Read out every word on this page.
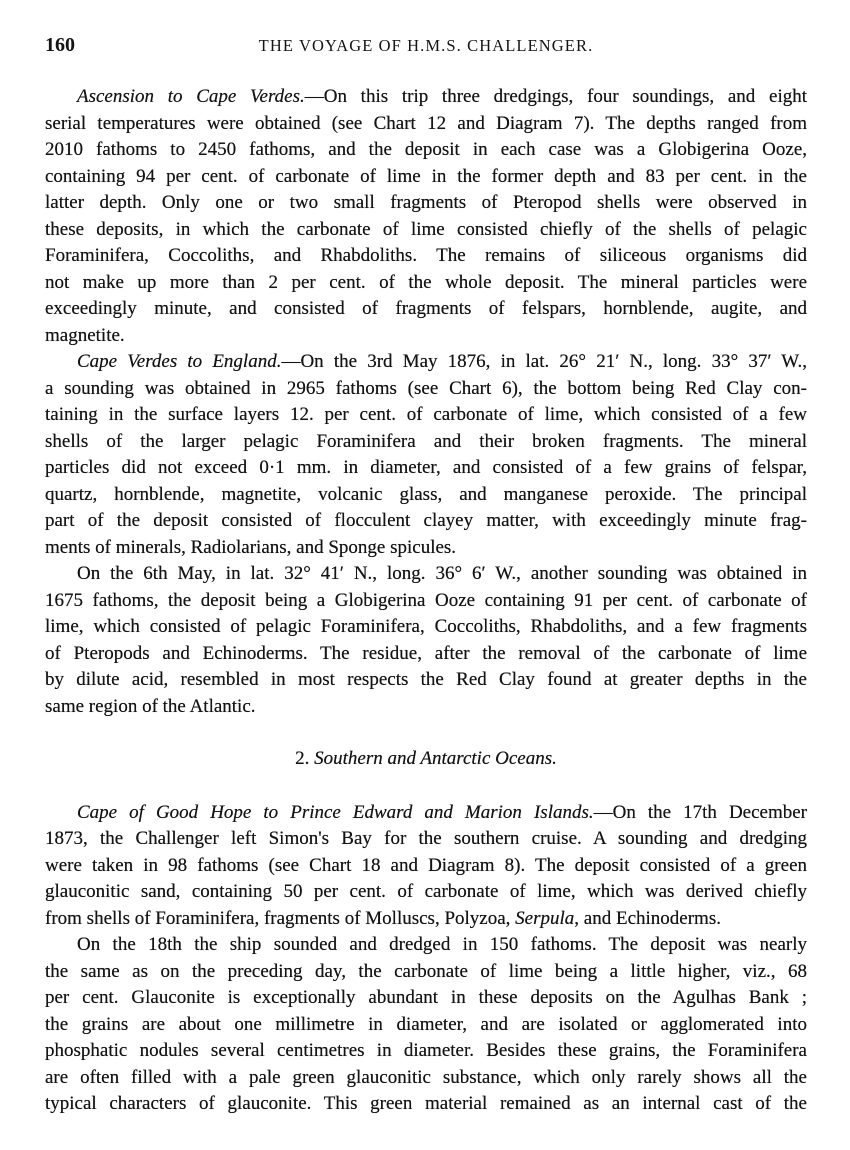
160	THE VOYAGE OF H.M.S. CHALLENGER.
Ascension to Cape Verdes.—On this trip three dredgings, four soundings, and eight
serial temperatures were obtained (see Chart 12 and Diagram 7). The depths ranged from
2010 fathoms to 2450 fathoms, and the deposit in each case was a Globigerina Ooze,
containing 94 per cent. of carbonate of lime in the former depth and 83 per cent. in the
latter depth. Only one or two small fragments of Pteropod shells were observed in
these deposits, in which the carbonate of lime consisted chiefly of the shells of pelagic
Foraminifera, Coccoliths, and Rhabdoliths. The remains of siliceous organisms did
not make up more than 2 per cent. of the whole deposit. The mineral particles were
exceedingly minute, and consisted of fragments of felspars, hornblende, augite, and
magnetite.
Cape Verdes to England.—On the 3rd May 1876, in lat. 26° 21′ N., long. 33° 37′ W.,
a sounding was obtained in 2965 fathoms (see Chart 6), the bottom being Red Clay con-
taining in the surface layers 12. per cent. of carbonate of lime, which consisted of a few
shells of the larger pelagic Foraminifera and their broken fragments. The mineral
particles did not exceed 0·1 mm. in diameter, and consisted of a few grains of felspar,
quartz, hornblende, magnetite, volcanic glass, and manganese peroxide. The principal
part of the deposit consisted of flocculent clayey matter, with exceedingly minute frag-
ments of minerals, Radiolarians, and Sponge spicules.
On the 6th May, in lat. 32° 41′ N., long. 36° 6′ W., another sounding was obtained in
1675 fathoms, the deposit being a Globigerina Ooze containing 91 per cent. of carbonate of
lime, which consisted of pelagic Foraminifera, Coccoliths, Rhabdoliths, and a few fragments
of Pteropods and Echinoderms. The residue, after the removal of the carbonate of lime
by dilute acid, resembled in most respects the Red Clay found at greater depths in the
same region of the Atlantic.
2. Southern and Antarctic Oceans.
Cape of Good Hope to Prince Edward and Marion Islands.—On the 17th December
1873, the Challenger left Simon's Bay for the southern cruise. A sounding and dredging
were taken in 98 fathoms (see Chart 18 and Diagram 8). The deposit consisted of a green
glauconitic sand, containing 50 per cent. of carbonate of lime, which was derived chiefly
from shells of Foraminifera, fragments of Molluscs, Polyzoa, Serpula, and Echinoderms.
On the 18th the ship sounded and dredged in 150 fathoms. The deposit was nearly
the same as on the preceding day, the carbonate of lime being a little higher, viz., 68
per cent. Glauconite is exceptionally abundant in these deposits on the Agulhas Bank ;
the grains are about one millimetre in diameter, and are isolated or agglomerated into
phosphatic nodules several centimetres in diameter. Besides these grains, the Foraminifera
are often filled with a pale green glauconitic substance, which only rarely shows all the
typical characters of glauconite. This green material remained as an internal cast of the
